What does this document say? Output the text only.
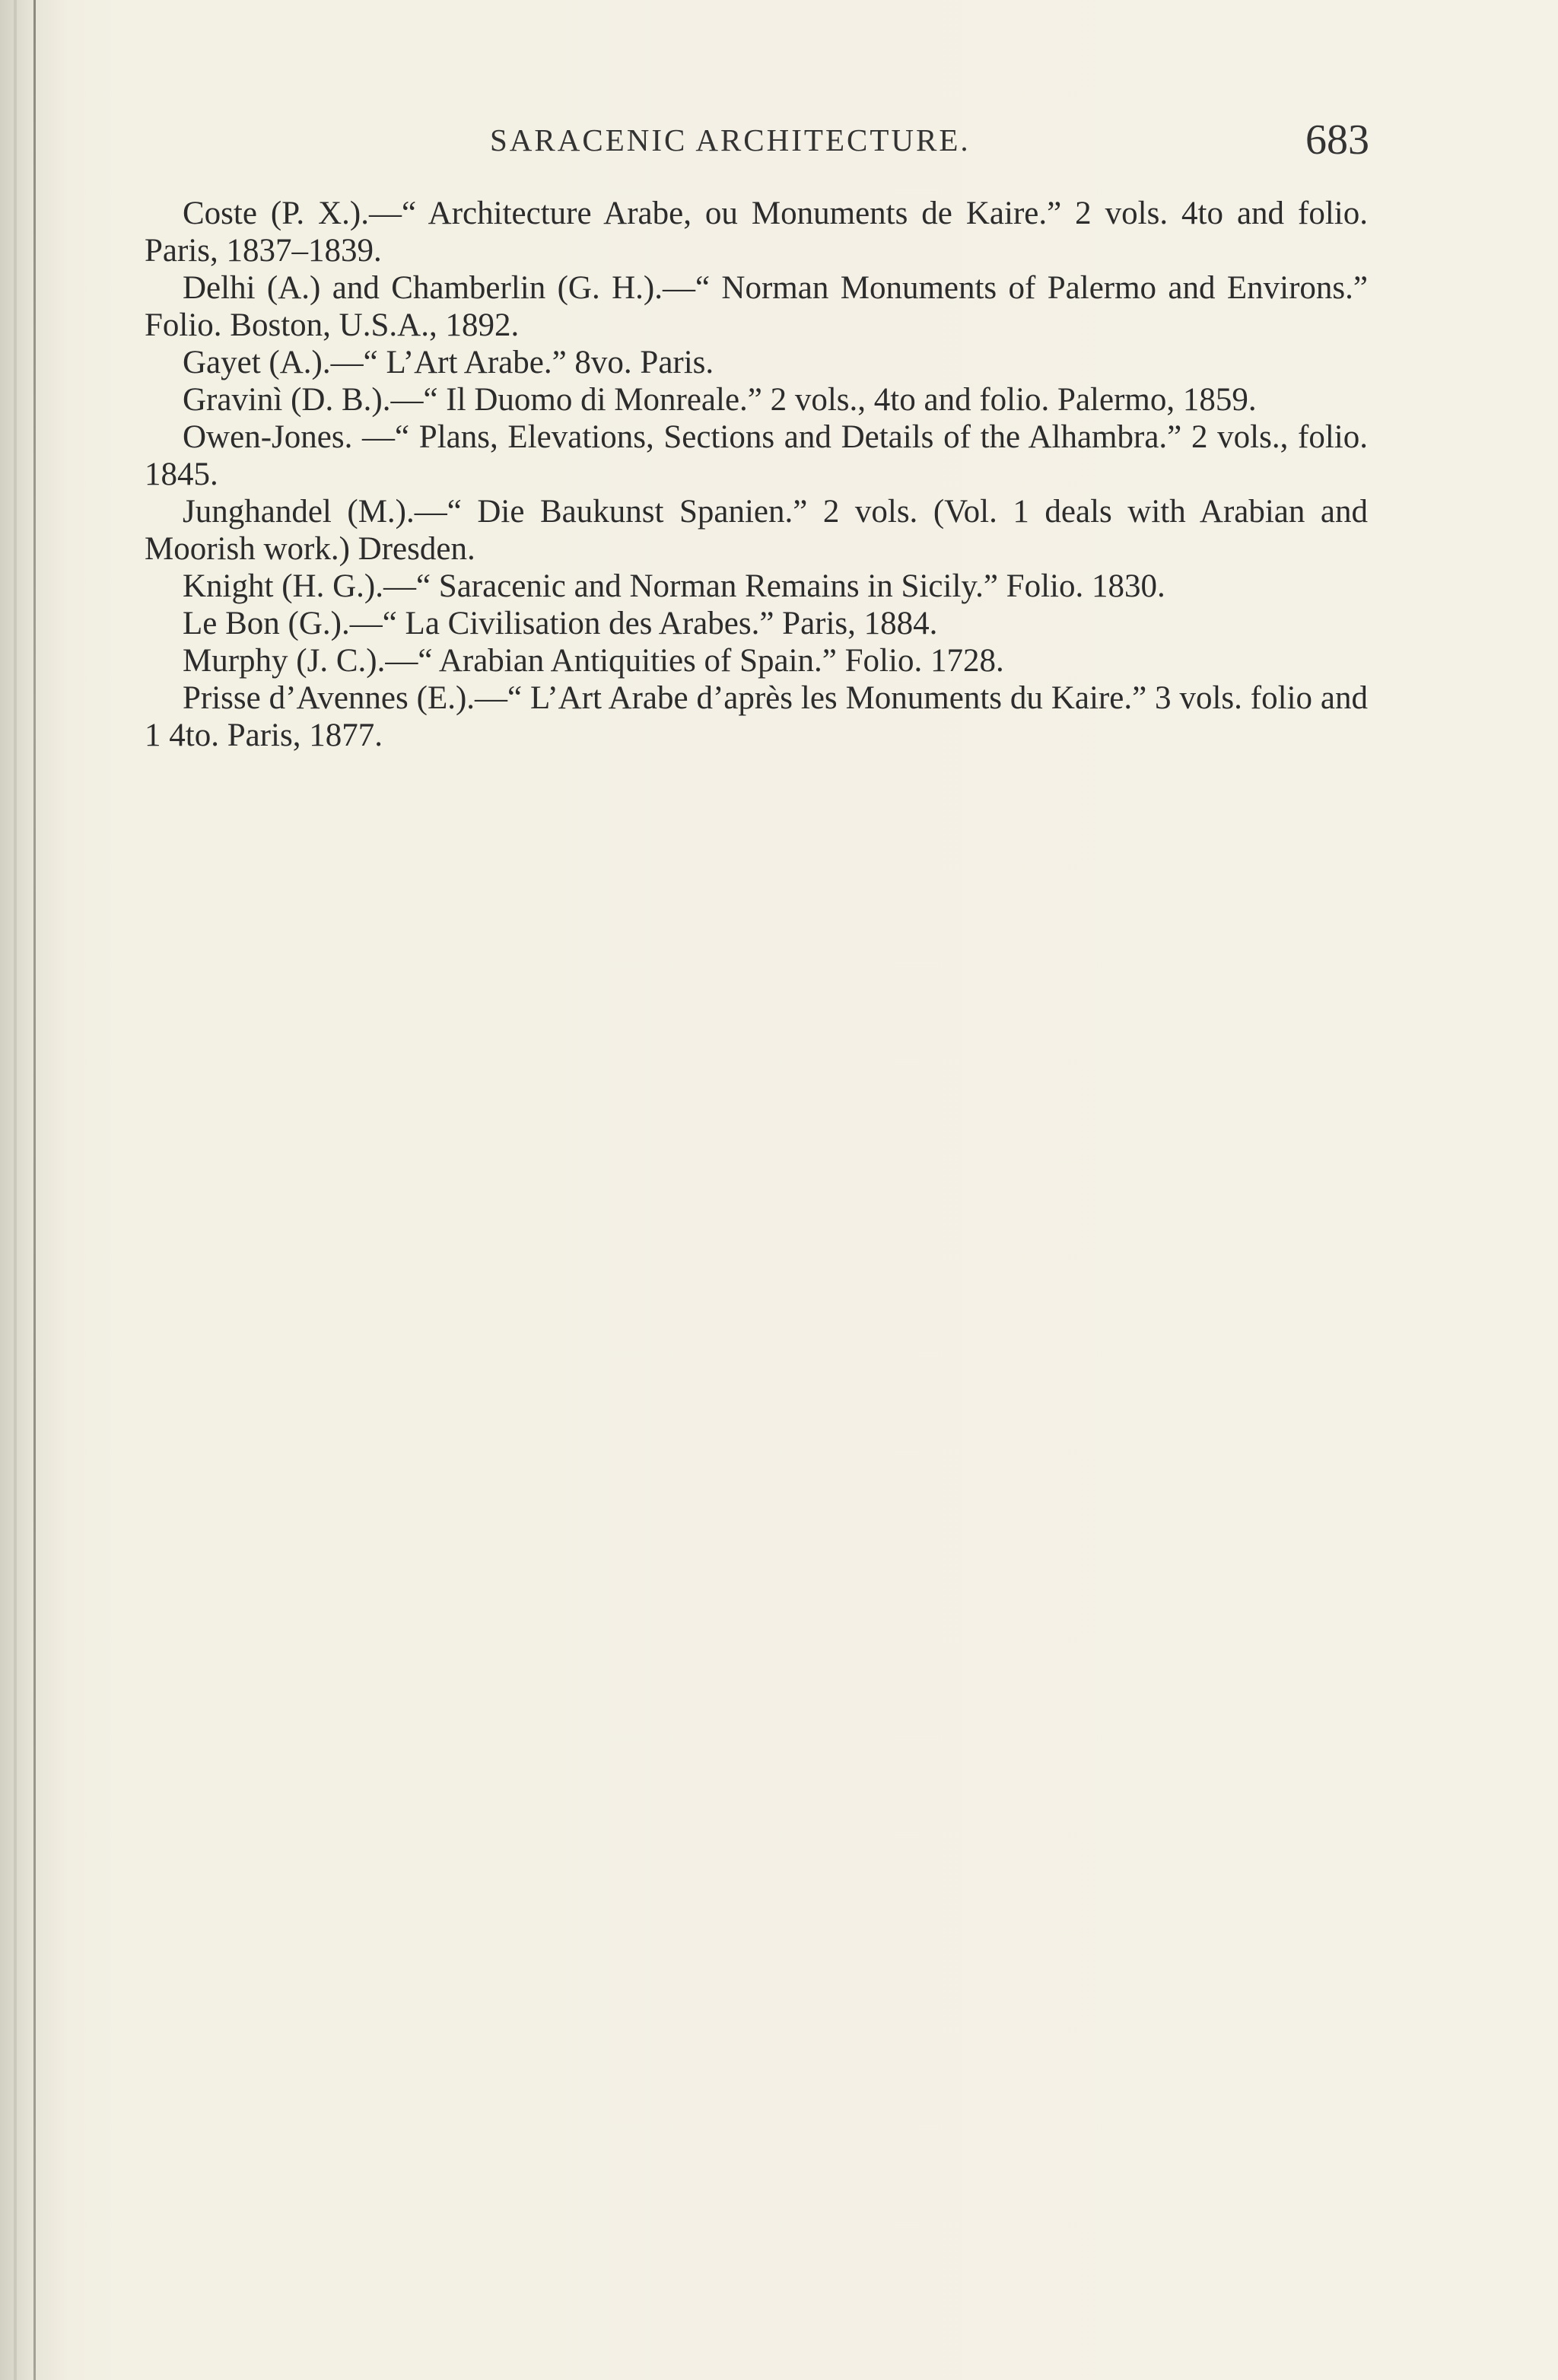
SARACENIC ARCHITECTURE.	683

Coste (P. X.).—“ Architecture Arabe, ou Monuments de Kaire.” 2 vols. 4to and folio. Paris, 1837–1839.

Delhi (A.) and Chamberlin (G. H.).—“ Norman Monuments of Palermo and Environs.” Folio. Boston, U.S.A., 1892.

Gayet (A.).—“ L’Art Arabe.” 8vo. Paris.

Gravinì (D. B.).—“ Il Duomo di Monreale.” 2 vols., 4to and folio. Palermo, 1859.

Owen-Jones. —“ Plans, Elevations, Sections and Details of the Alhambra.” 2 vols., folio. 1845.

Junghandel (M.).—“ Die Baukunst Spanien.” 2 vols. (Vol. 1 deals with Arabian and Moorish work.) Dresden.

Knight (H. G.).—“ Saracenic and Norman Remains in Sicily.” Folio. 1830.

Le Bon (G.).—“ La Civilisation des Arabes.” Paris, 1884.

Murphy (J. C.).—“ Arabian Antiquities of Spain.” Folio. 1728.

Prisse d’Avennes (E.).—“ L’Art Arabe d’après les Monuments du Kaire.” 3 vols. folio and 1 4to. Paris, 1877.
